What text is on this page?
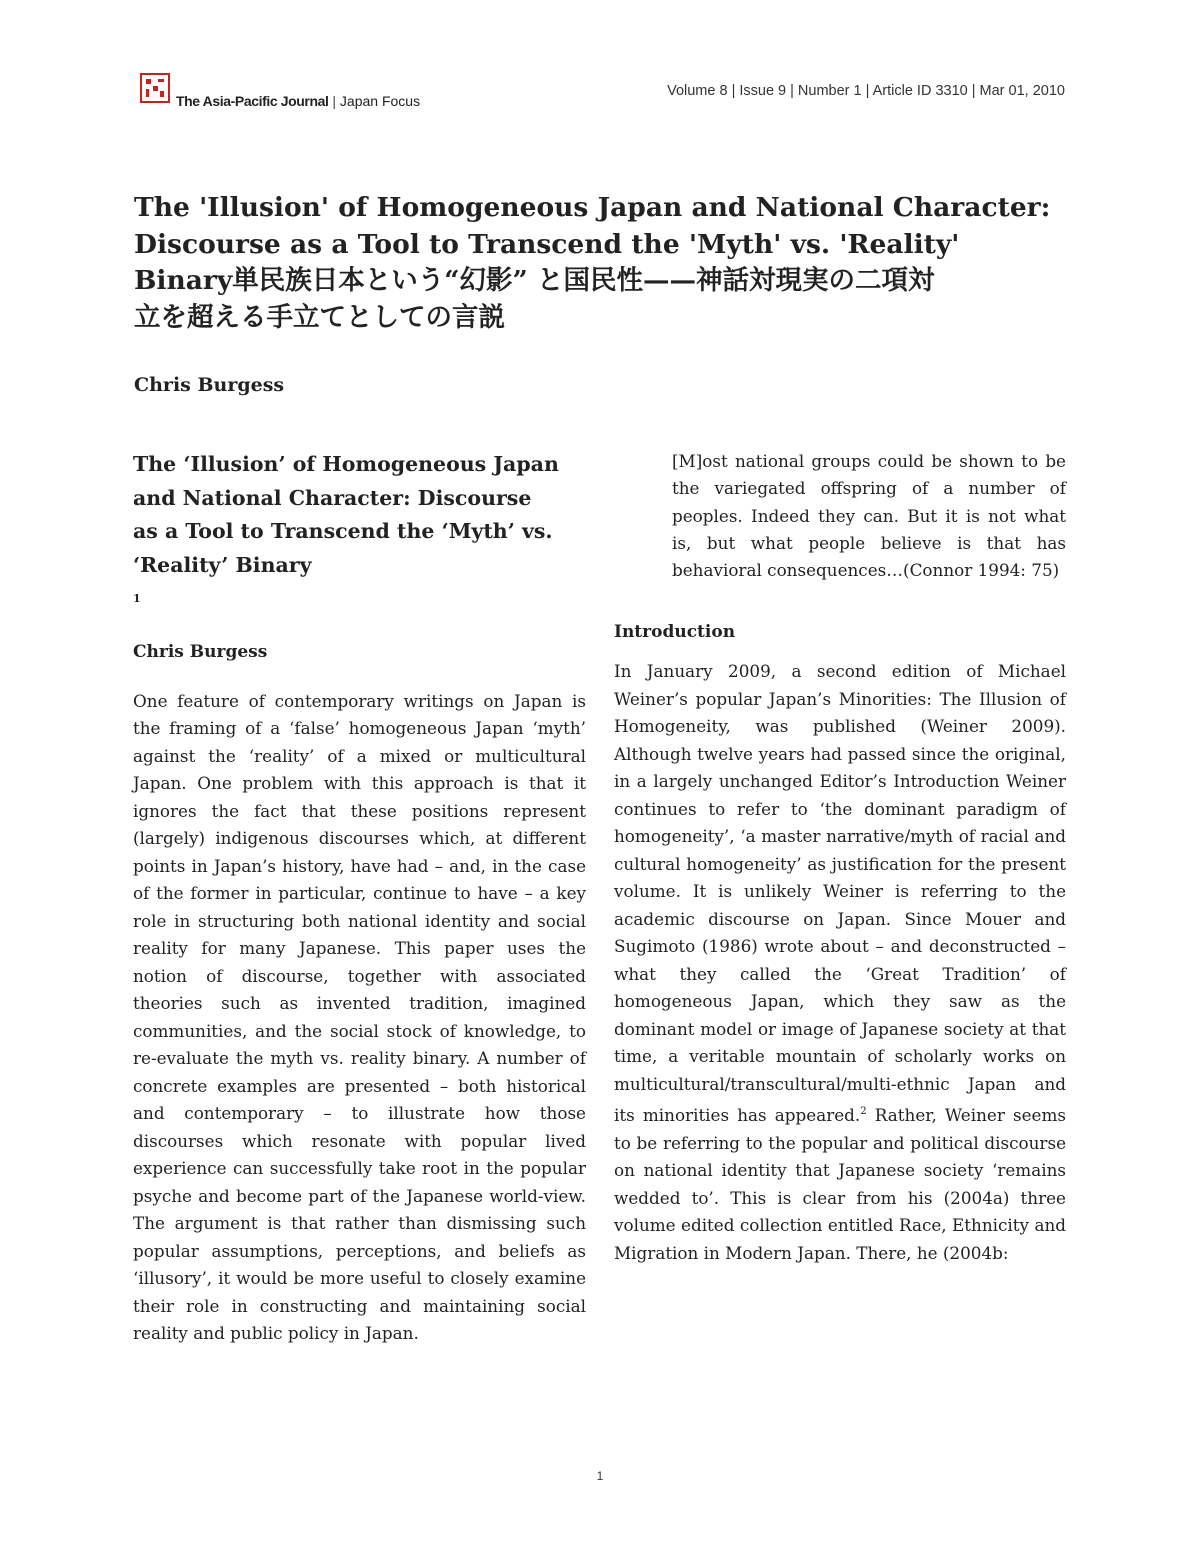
The Asia-Pacific Journal | Japan Focus
Volume 8 | Issue 9 | Number 1 | Article ID 3310 | Mar 01, 2010
The 'Illusion' of Homogeneous Japan and National Character:
Discourse as a Tool to Transcend the 'Myth' vs. 'Reality'
Binary単民族日本という“幻影” と国民性——神話対現実の二項対
立を超える手立てとしての言説
Chris Burgess
The ‘Illusion’ of Homogeneous Japan
and National Character: Discourse
as a Tool to Transcend the ‘Myth’ vs.
‘Reality’ Binary
$^1$
Chris Burgess

One feature of contemporary writings on Japan is the framing of a ‘false’ homogeneous Japan ‘myth’ against the ‘reality’ of a mixed or multicultural Japan. One problem with this approach is that it ignores the fact that these positions represent (largely) indigenous discourses which, at different points in Japan’s history, have had – and, in the case of the former in particular, continue to have – a key role in structuring both national identity and social reality for many Japanese. This paper uses the notion of discourse, together with associated theories such as invented tradition, imagined communities, and the social stock of knowledge, to re-evaluate the myth vs. reality binary. A number of concrete examples are presented – both historical and contemporary – to illustrate how those discourses which resonate with popular lived experience can successfully take root in the popular psyche and become part of the Japanese world-view. The argument is that rather than dismissing such popular assumptions, perceptions, and beliefs as ‘illusory’, it would be more useful to closely examine their role in constructing and maintaining social reality and public policy in Japan.

[M]ost national groups could be shown to be the variegated offspring of a number of peoples. Indeed they can. But it is not what is, but what people believe is that has behavioral consequences…(Connor 1994: 75)

Introduction

In January 2009, a second edition of Michael Weiner’s popular Japan’s Minorities: The Illusion of Homogeneity, was published (Weiner 2009). Although twelve years had passed since the original, in a largely unchanged Editor’s Introduction Weiner continues to refer to ‘the dominant paradigm of homogeneity’, ‘a master narrative/myth of racial and cultural homogeneity’ as justification for the present volume. It is unlikely Weiner is referring to the academic discourse on Japan. Since Mouer and Sugimoto (1986) wrote about – and deconstructed – what they called the ‘Great Tradition’ of homogeneous Japan, which they saw as the dominant model or image of Japanese society at that time, a veritable mountain of scholarly works on multicultural/transcultural/multi-ethnic Japan and its minorities has appeared.$^2$ Rather, Weiner seems to be referring to the popular and political discourse on national identity that Japanese society ‘remains wedded to’. This is clear from his (2004a) three volume edited collection entitled Race, Ethnicity and Migration in Modern Japan. There, he (2004b:

1
